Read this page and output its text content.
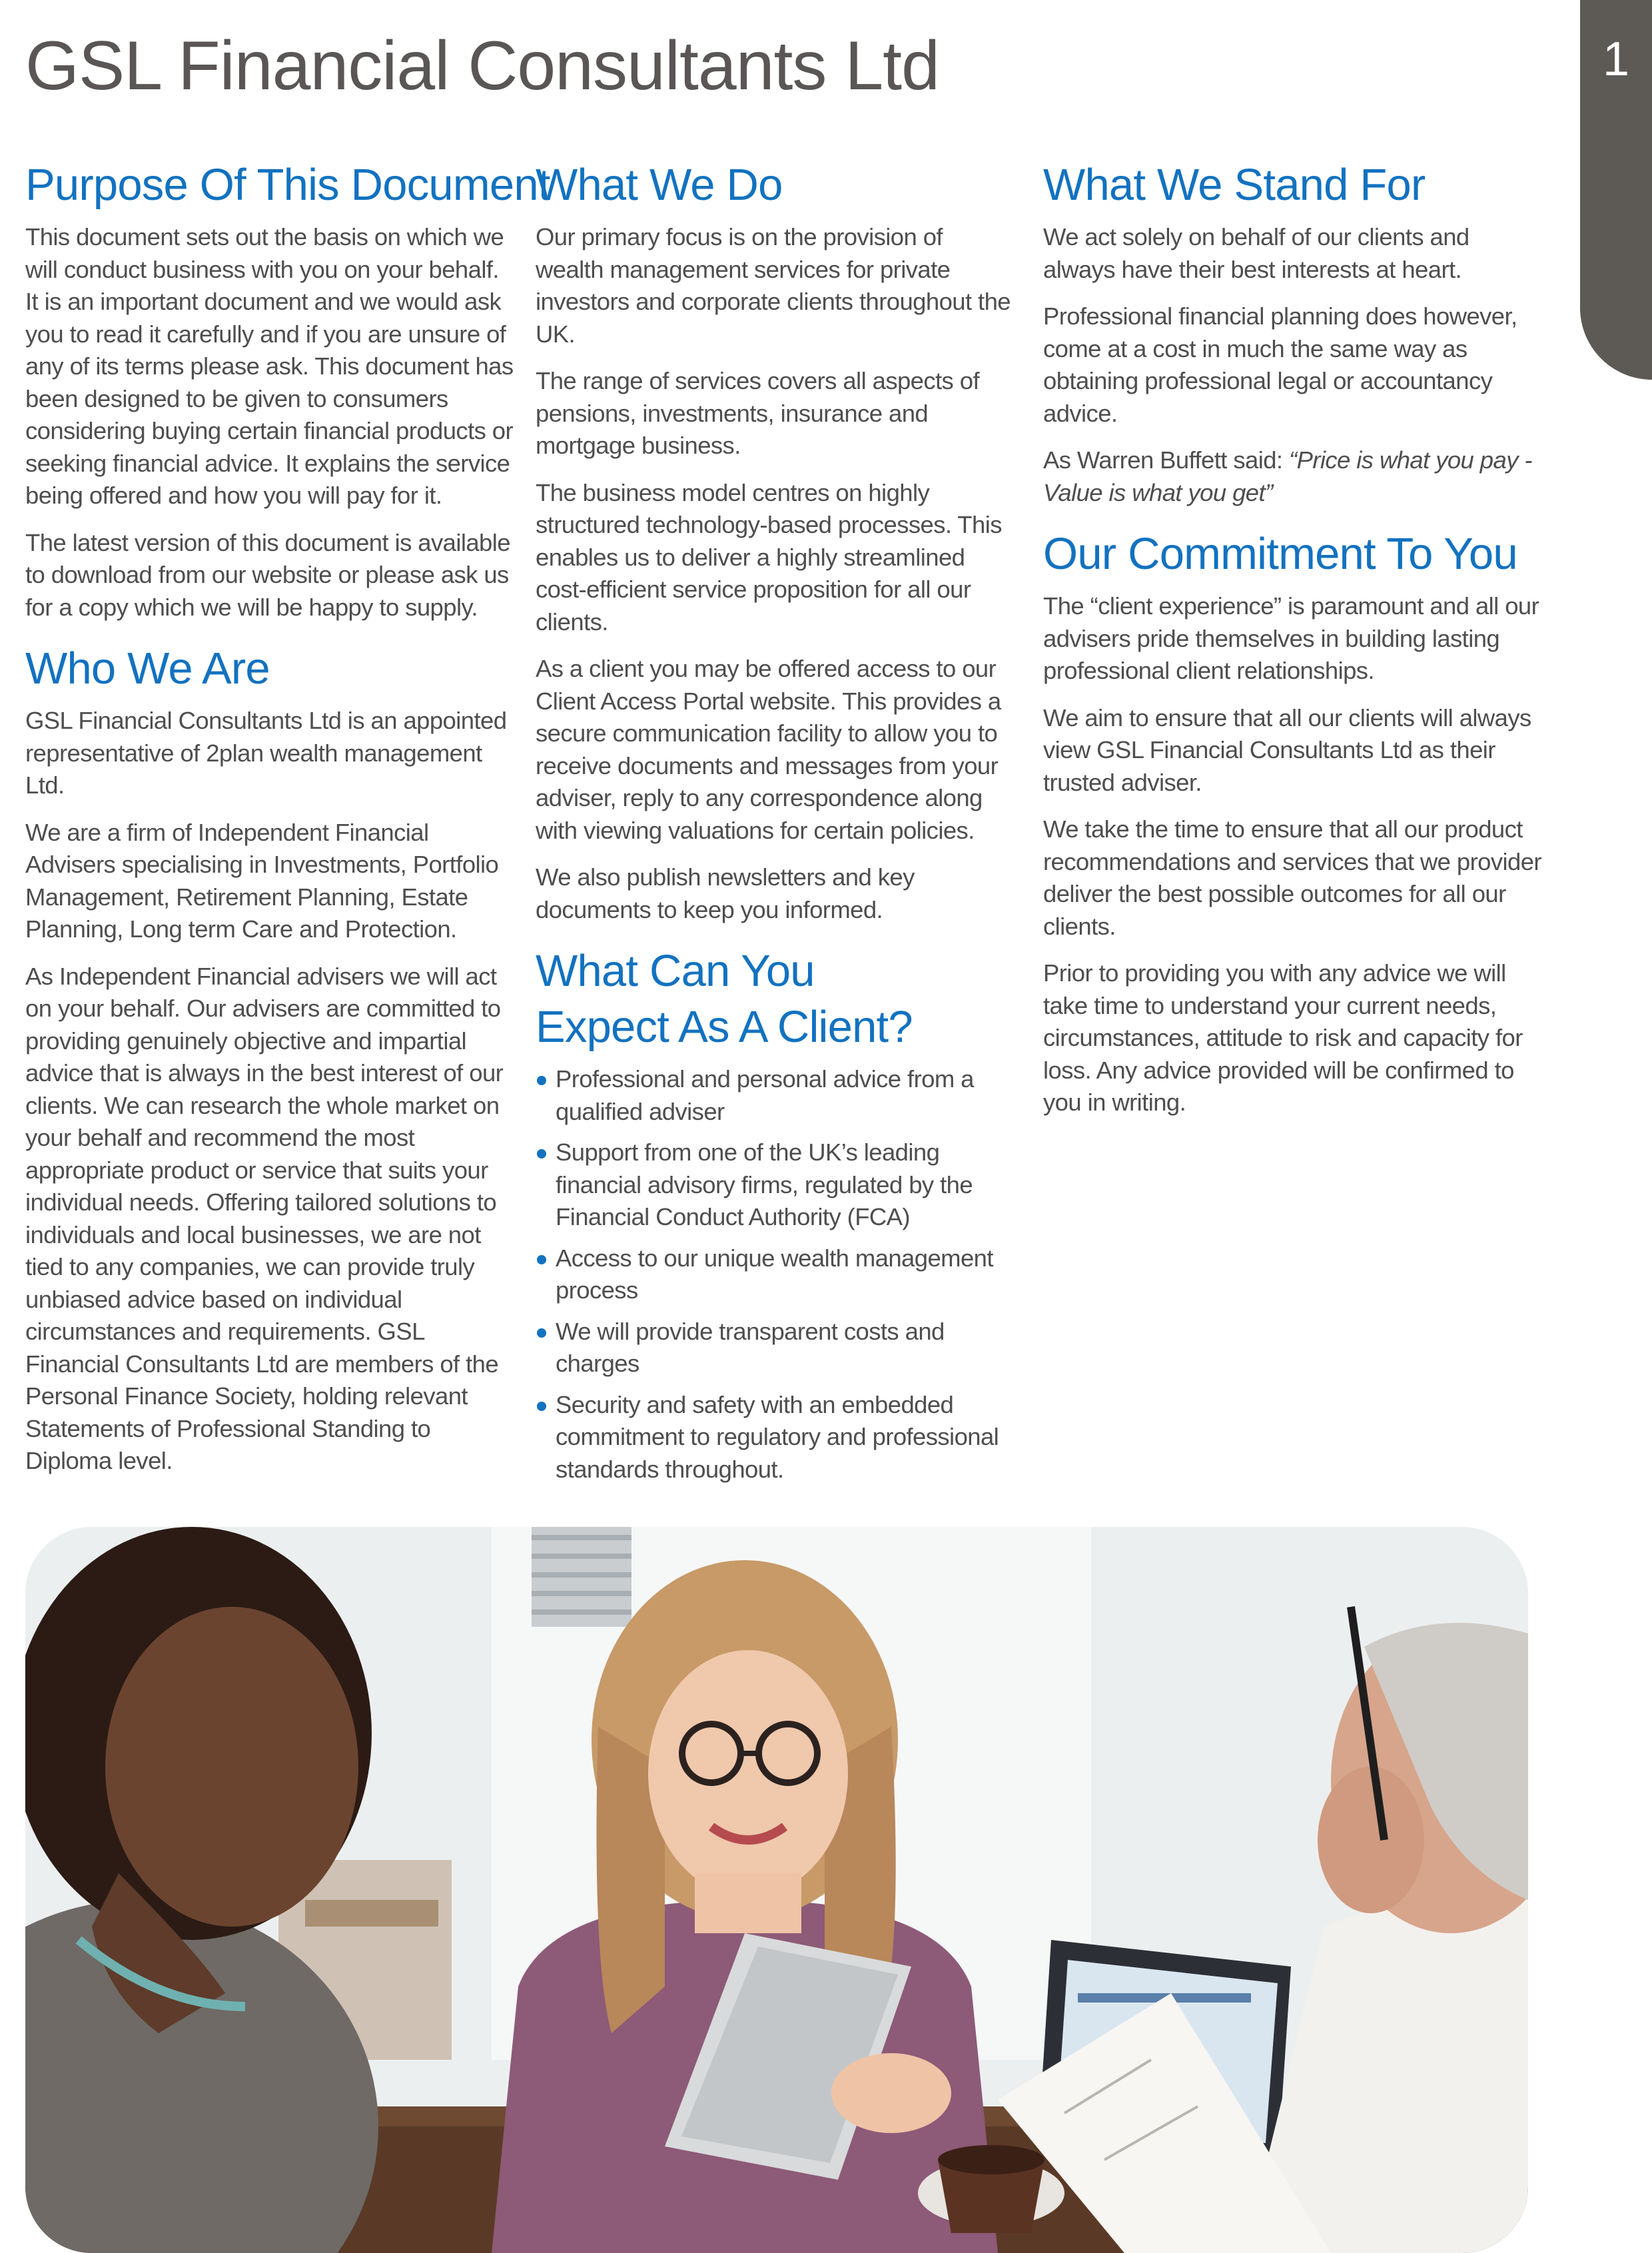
GSL Financial Consultants Ltd	1
Purpose Of This Document

This document sets out the basis on which we will conduct business with you on your behalf. It is an important document and we would ask you to read it carefully and if you are unsure of any of its terms please ask. This document has been designed to be given to consumers considering buying certain financial products or seeking financial advice. It explains the service being offered and how you will pay for it.

The latest version of this document is available to download from our website or please ask us for a copy which we will be happy to supply.

Who We Are

GSL Financial Consultants Ltd is an appointed representative of 2plan wealth management Ltd.

We are a firm of Independent Financial Advisers specialising in Investments, Portfolio Management, Retirement Planning, Estate Planning, Long term Care and Protection.

As Independent Financial advisers we will act on your behalf. Our advisers are committed to providing genuinely objective and impartial advice that is always in the best interest of our clients. We can research the whole market on your behalf and recommend the most appropriate product or service that suits your individual needs. Offering tailored solutions to individuals and local businesses, we are not tied to any companies, we can provide truly unbiased advice based on individual circumstances and requirements. GSL Financial Consultants Ltd are members of the Personal Finance Society, holding relevant Statements of Professional Standing to Diploma level.

What We Do

Our primary focus is on the provision of wealth management services for private investors and corporate clients throughout the UK.

The range of services covers all aspects of pensions, investments, insurance and mortgage business.

The business model centres on highly structured technology-based processes. This enables us to deliver a highly streamlined cost-efficient service proposition for all our clients.

As a client you may be offered access to our Client Access Portal website. This provides a secure communication facility to allow you to receive documents and messages from your adviser, reply to any correspondence along with viewing valuations for certain policies.

We also publish newsletters and key documents to keep you informed.

What Can You
Expect As A Client?
Professional and personal advice from a qualified adviser
Support from one of the UK’s leading financial advisory firms, regulated by the Financial Conduct Authority (FCA)
Access to our unique wealth management process
We will provide transparent costs and charges
Security and safety with an embedded commitment to regulatory and professional standards throughout.
What We Stand For

We act solely on behalf of our clients and always have their best interests at heart.

Professional financial planning does however, come at a cost in much the same way as obtaining professional legal or accountancy advice.

As Warren Buffett said: “Price is what you pay - Value is what you get”

Our Commitment To You

The “client experience” is paramount and all our advisers pride themselves in building lasting professional client relationships.

We aim to ensure that all our clients will always view GSL Financial Consultants Ltd as their trusted adviser.

We take the time to ensure that all our product recommendations and services that we provider deliver the best possible outcomes for all our clients.

Prior to providing you with any advice we will take time to understand your current needs, circumstances, attitude to risk and capacity for loss. Any advice provided will be confirmed to you in writing.
